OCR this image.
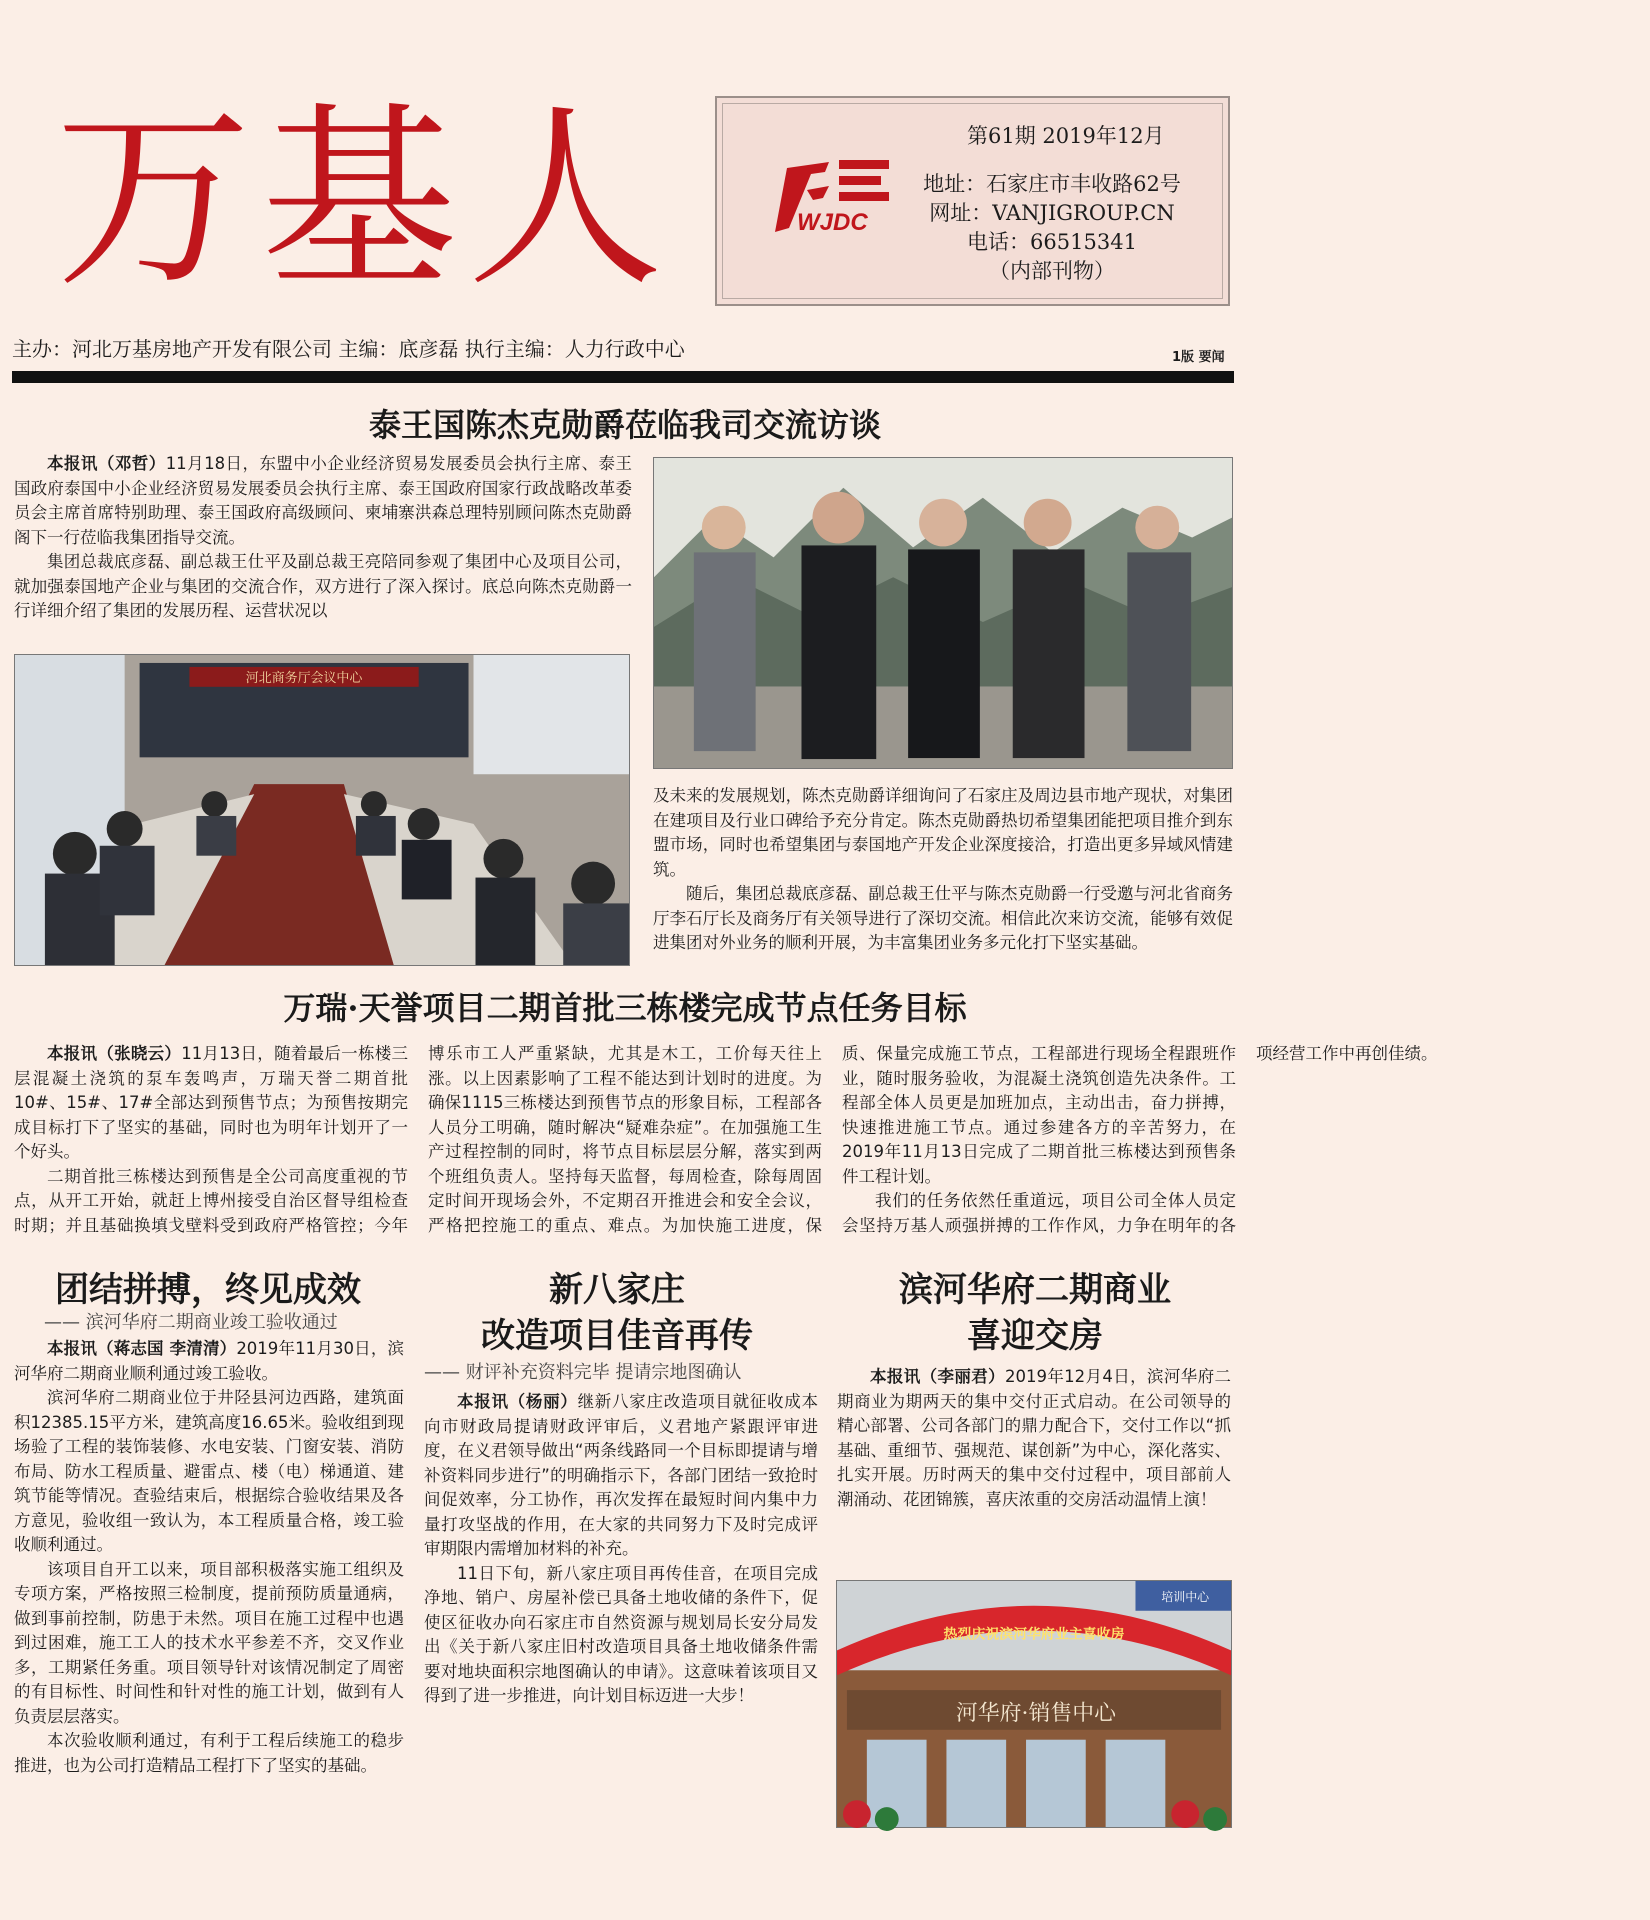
万基人	WJDC
第61期 2019年12月
地址：石家庄市丰收路62号
网址：VANJIGROUP.CN
电话：66515341
（内部刊物）
主办：河北万基房地产开发有限公司 主编：底彦磊 执行主编：人力行政中心	1版 要闻
泰王国陈杰克勋爵莅临我司交流访谈

本报讯（邓哲）11月18日，东盟中小企业经济贸易发展委员会执行主席、泰王国政府泰国中小企业经济贸易发展委员会执行主席、泰王国政府国家行政战略改革委员会主席首席特别助理、泰王国政府高级顾问、柬埔寨洪森总理特别顾问陈杰克勋爵阁下一行莅临我集团指导交流。

集团总裁底彦磊、副总裁王仕平及副总裁王亮陪同参观了集团中心及项目公司，就加强泰国地产企业与集团的交流合作，双方进行了深入探讨。底总向陈杰克勋爵一行详细介绍了集团的发展历程、运营状况以

河北商务厅会议中心

及未来的发展规划，陈杰克勋爵详细询问了石家庄及周边县市地产现状，对集团在建项目及行业口碑给予充分肯定。陈杰克勋爵热切希望集团能把项目推介到东盟市场，同时也希望集团与泰国地产开发企业深度接洽，打造出更多异域风情建筑。

随后，集团总裁底彦磊、副总裁王仕平与陈杰克勋爵一行受邀与河北省商务厅李石厅长及商务厅有关领导进行了深切交流。相信此次来访交流，能够有效促进集团对外业务的顺利开展，为丰富集团业务多元化打下坚实基础。

万瑞·天誉项目二期首批三栋楼完成节点任务目标

本报讯（张晓云）11月13日，随着最后一栋楼三层混凝土浇筑的泵车轰鸣声，万瑞天誉二期首批10#、15#、17#全部达到预售节点；为预售按期完成目标打下了坚实的基础，同时也为明年计划开了一个好头。

二期首批三栋楼达到预售是全公司高度重视的节点，从开工开始，就赶上博州接受自治区督导组检查时期；并且基础换填戈壁料受到政府严格管控；今年博乐市工人严重紧缺，尤其是木工，工价每天往上涨。以上因素影响了工程不能达到计划时的进度。为确保1115三栋楼达到预售节点的形象目标，工程部各人员分工明确，随时解决“疑难杂症”。在加强施工生产过程控制的同时，将节点目标层层分解，落实到两个班组负责人。坚持每天监督，每周检查，除每周固定时间开现场会外，不定期召开推进会和安全会议，严格把控施工的重点、难点。为加快施工进度，保质、保量完成施工节点，工程部进行现场全程跟班作业，随时服务验收，为混凝土浇筑创造先决条件。工程部全体人员更是加班加点，主动出击，奋力拼搏，快速推进施工节点。通过参建各方的辛苦努力，在2019年11月13日完成了二期首批三栋楼达到预售条件工程计划。

我们的任务依然任重道远，项目公司全体人员定会坚持万基人顽强拼搏的工作作风，力争在明年的各项经营工作中再创佳绩。

团结拼搏，终见成效
—— 滨河华府二期商业竣工验收通过

本报讯（蒋志国 李清清）2019年11月30日，滨河华府二期商业顺利通过竣工验收。

滨河华府二期商业位于井陉县河边西路，建筑面积12385.15平方米，建筑高度16.65米。验收组到现场验了工程的装饰装修、水电安装、门窗安装、消防布局、防水工程质量、避雷点、楼（电）梯通道、建筑节能等情况。查验结束后，根据综合验收结果及各方意见，验收组一致认为，本工程质量合格，竣工验收顺利通过。

该项目自开工以来，项目部积极落实施工组织及专项方案，严格按照三检制度，提前预防质量通病，做到事前控制，防患于未然。项目在施工过程中也遇到过困难，施工工人的技术水平参差不齐，交叉作业多，工期紧任务重。项目领导针对该情况制定了周密的有目标性、时间性和针对性的施工计划，做到有人负责层层落实。

本次验收顺利通过，有利于工程后续施工的稳步推进，也为公司打造精品工程打下了坚实的基础。

新八家庄
改造项目佳音再传
—— 财评补充资料完毕 提请宗地图确认

本报讯（杨丽）继新八家庄改造项目就征收成本向市财政局提请财政评审后，义君地产紧跟评审进度，在义君领导做出“两条线路同一个目标即提请与增补资料同步进行”的明确指示下，各部门团结一致抢时间促效率，分工协作，再次发挥在最短时间内集中力量打攻坚战的作用，在大家的共同努力下及时完成评审期限内需增加材料的补充。

11日下旬，新八家庄项目再传佳音，在项目完成净地、销户、房屋补偿已具备土地收储的条件下，促使区征收办向石家庄市自然资源与规划局长安分局发出《关于新八家庄旧村改造项目具备土地收储条件需要对地块面积宗地图确认的申请》。这意味着该项目又得到了进一步推进，向计划目标迈进一大步！

滨河华府二期商业
喜迎交房

本报讯（李丽君）2019年12月4日，滨河华府二期商业为期两天的集中交付正式启动。在公司领导的精心部署、公司各部门的鼎力配合下，交付工作以“抓基础、重细节、强规范、谋创新”为中心，深化落实、扎实开展。历时两天的集中交付过程中，项目部前人潮涌动、花团锦簇，喜庆浓重的交房活动温情上演！

培训中心
河华府·销售中心
热烈庆祝滨河华府业主喜收房
